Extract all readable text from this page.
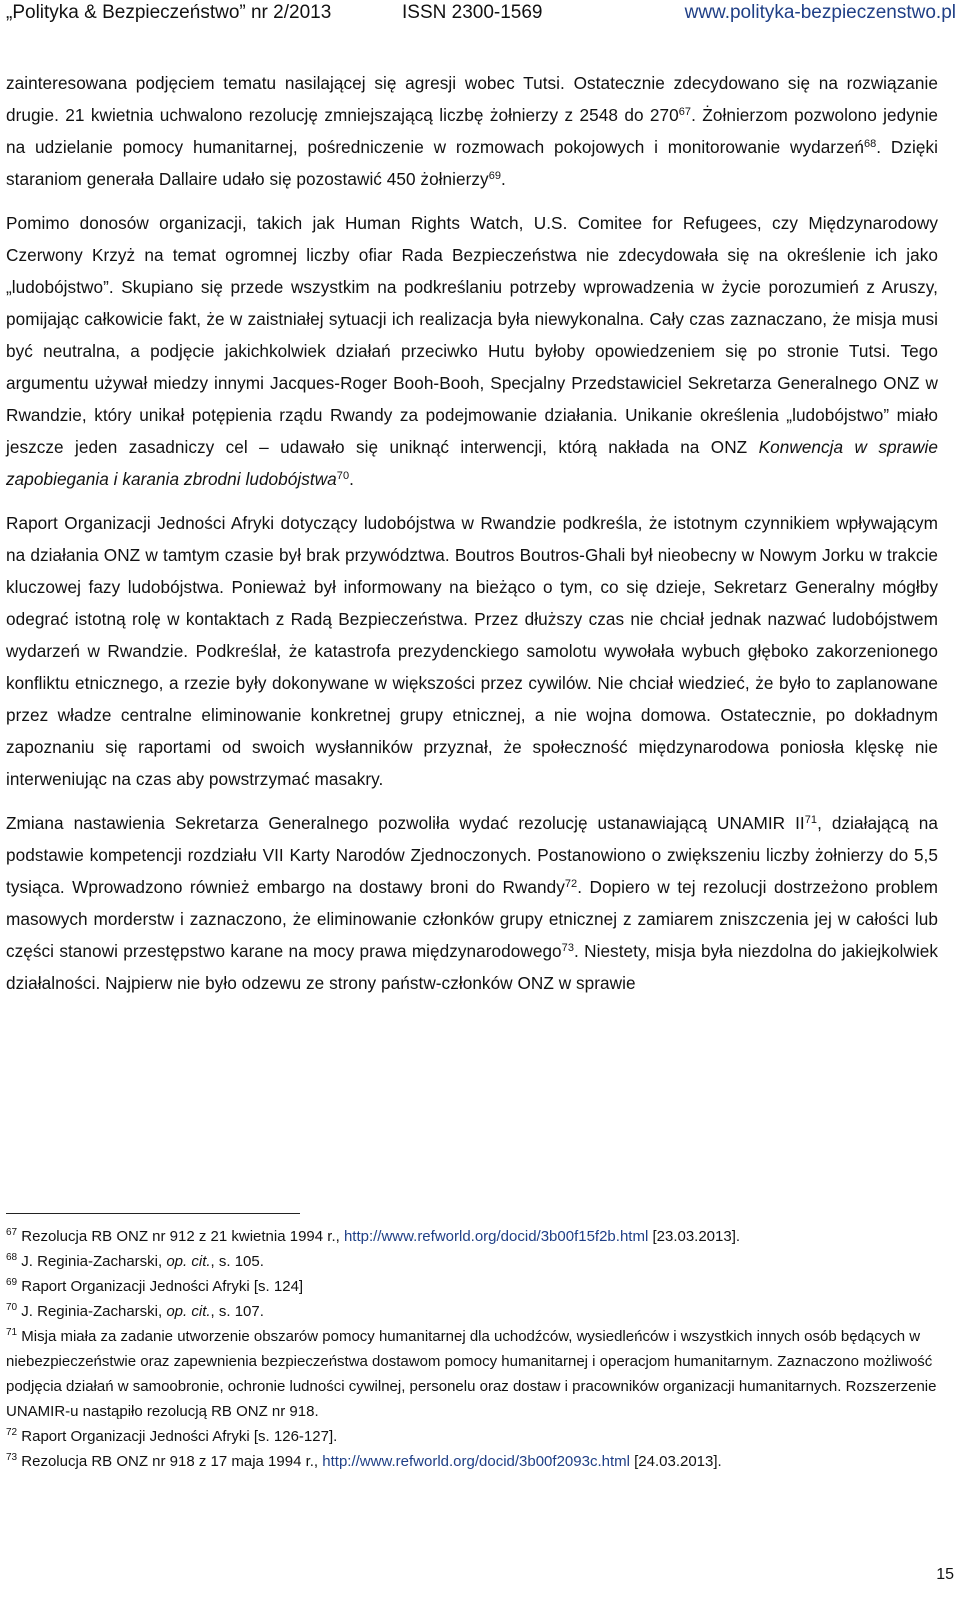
„Polityka & Bezpieczeństwo” nr 2/2013	ISSN 2300-1569	www.polityka-bezpieczenstwo.pl

zainteresowana podjęciem tematu nasilającej się agresji wobec Tutsi. Ostatecznie zdecydowano się na rozwiązanie drugie. 21 kwietnia uchwalono rezolucję zmniejszającą liczbę żołnierzy z 2548 do $270^{67}$. Żołnierzom pozwolono jedynie na udzielanie pomocy humanitarnej, pośredniczenie w rozmowach pokojowych i monitorowanie wydarzeń$^{68}$. Dzięki staraniom generała Dallaire udało się pozostawić 450 żołnierzy$^{69}$.

Pomimo donosów organizacji, takich jak Human Rights Watch, U.S. Comitee for Refugees, czy Międzynarodowy Czerwony Krzyż na temat ogromnej liczby ofiar Rada Bezpieczeństwa nie zdecydowała się na określenie ich jako „ludobójstwo”. Skupiano się przede wszystkim na podkreślaniu potrzeby wprowadzenia w życie porozumień z Aruszy, pomijając całkowicie fakt, że w zaistniałej sytuacji ich realizacja była niewykonalna. Cały czas zaznaczano, że misja musi być neutralna, a podjęcie jakichkolwiek działań przeciwko Hutu byłoby opowiedzeniem się po stronie Tutsi. Tego argumentu używał miedzy innymi Jacques-Roger Booh-Booh, Specjalny Przedstawiciel Sekretarza Generalnego ONZ w Rwandzie, który unikał potępienia rządu Rwandy za podejmowanie działania. Unikanie określenia „ludobójstwo” miało jeszcze jeden zasadniczy cel – udawało się uniknąć interwencji, którą nakłada na ONZ Konwencja w sprawie zapobiegania i karania zbrodni ludobójstwa$^{70}$.

Raport Organizacji Jedności Afryki dotyczący ludobójstwa w Rwandzie podkreśla, że istotnym czynnikiem wpływającym na działania ONZ w tamtym czasie był brak przywództwa. Boutros Boutros-Ghali był nieobecny w Nowym Jorku w trakcie kluczowej fazy ludobójstwa. Ponieważ był informowany na bieżąco o tym, co się dzieje, Sekretarz Generalny mógłby odegrać istotną rolę w kontaktach z Radą Bezpieczeństwa. Przez dłuższy czas nie chciał jednak nazwać ludobójstwem wydarzeń w Rwandzie. Podkreślał, że katastrofa prezydenckiego samolotu wywołała wybuch głęboko zakorzenionego konfliktu etnicznego, a rzezie były dokonywane w większości przez cywilów. Nie chciał wiedzieć, że było to zaplanowane przez władze centralne eliminowanie konkretnej grupy etnicznej, a nie wojna domowa. Ostatecznie, po dokładnym zapoznaniu się raportami od swoich wysłanników przyznał, że społeczność międzynarodowa poniosła klęskę nie interweniując na czas aby powstrzymać masakry.

Zmiana nastawienia Sekretarza Generalnego pozwoliła wydać rezolucję ustanawiającą UNAMIR II$^{71}$, działającą na podstawie kompetencji rozdziału VII Karty Narodów Zjednoczonych. Postanowiono o zwiększeniu liczby żołnierzy do 5,5 tysiąca. Wprowadzono również embargo na dostawy broni do Rwandy$^{72}$. Dopiero w tej rezolucji dostrzeżono problem masowych morderstw i zaznaczono, że eliminowanie członków grupy etnicznej z zamiarem zniszczenia jej w całości lub części stanowi przestępstwo karane na mocy prawa międzynarodowego$^{73}$. Niestety, misja była niezdolna do jakiejkolwiek działalności. Najpierw nie było odzewu ze strony państw-członków ONZ w sprawie

$^{67}$ Rezolucja RB ONZ nr 912 z 21 kwietnia 1994 r., http://www.refworld.org/docid/3b00f15f2b.html [23.03.2013].

$^{68}$ J. Reginia-Zacharski, op. cit., s. 105.

$^{69}$ Raport Organizacji Jedności Afryki [s. 124]

$^{70}$ J. Reginia-Zacharski, op. cit., s. 107.

$^{71}$ Misja miała za zadanie utworzenie obszarów pomocy humanitarnej dla uchodźców, wysiedleńców i wszystkich innych osób będących w niebezpieczeństwie oraz zapewnienia bezpieczeństwa dostawom pomocy humanitarnej i operacjom humanitarnym. Zaznaczono możliwość podjęcia działań w samoobronie, ochronie ludności cywilnej, personelu oraz dostaw i pracowników organizacji humanitarnych. Rozszerzenie UNAMIR-u nastąpiło rezolucją RB ONZ nr 918.

$^{72}$ Raport Organizacji Jedności Afryki [s. 126-127].

$^{73}$ Rezolucja RB ONZ nr 918 z 17 maja 1994 r., http://www.refworld.org/docid/3b00f2093c.html [24.03.2013].

15
